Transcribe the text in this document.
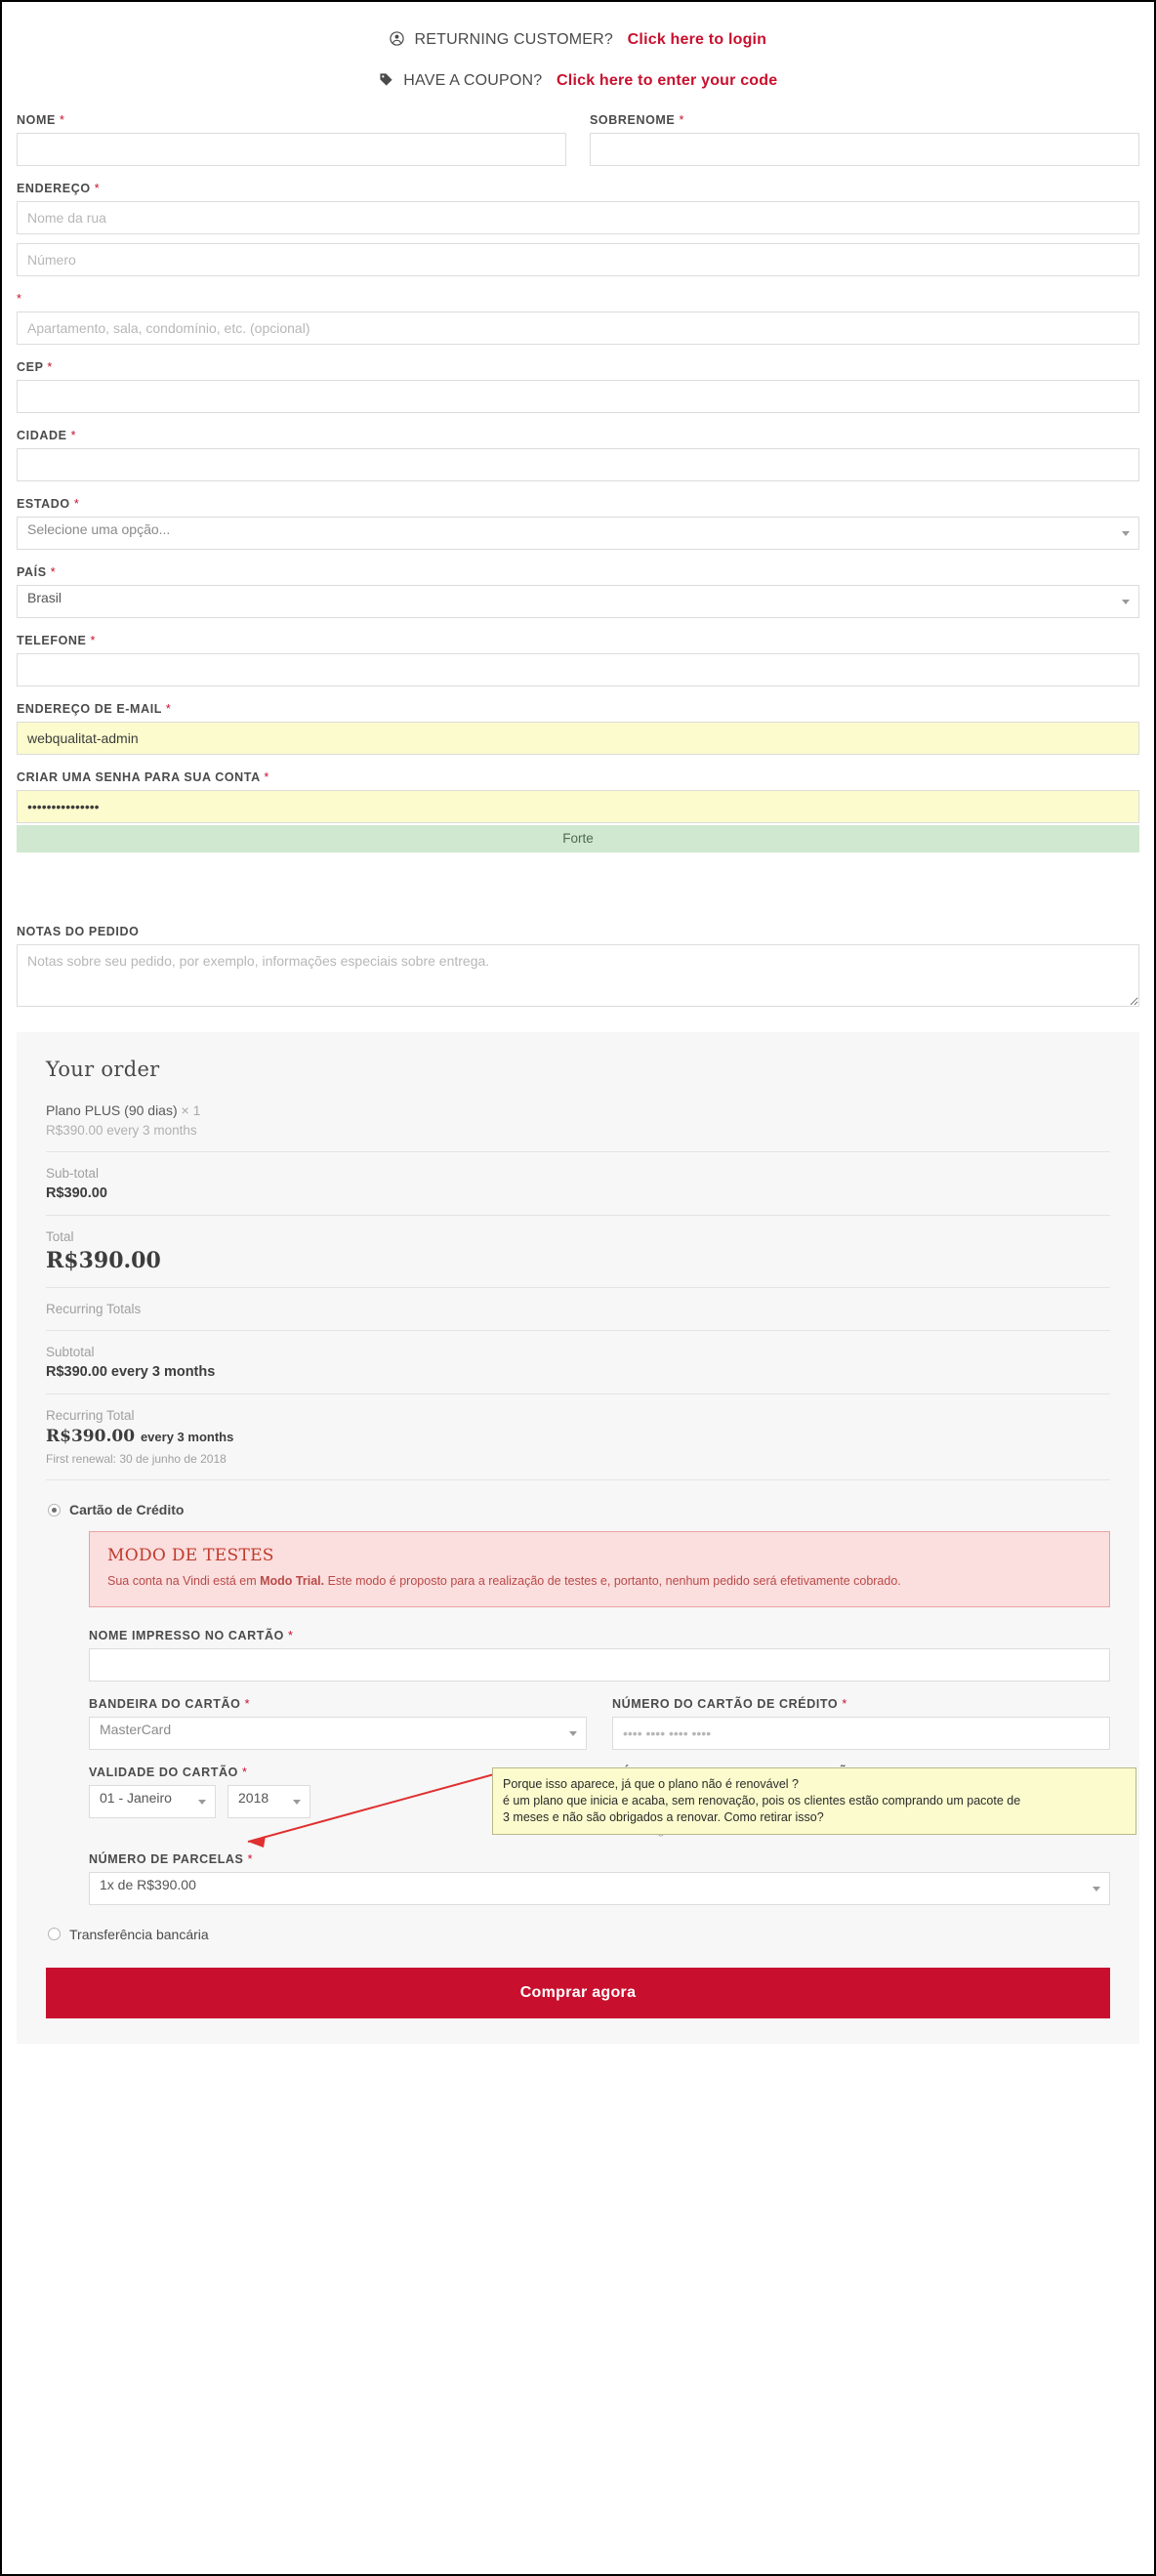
RETURNING CUSTOMER? Click here to login
HAVE A COUPON? Click here to enter your code
NOME *	SOBRENOME *
ENDEREÇO *
Nome da rua Número
*
Apartamento, sala, condomínio, etc. (opcional)
CEP *
CIDADE *
ESTADO *
Selecione uma opção...
PAÍS *
Brasil
TELEFONE *
ENDEREÇO DE E-MAIL *
webqualitat-admin
CRIAR UMA SENHA PARA SUA CONTA *
•••••••••••••••
Forte
NOTAS DO PEDIDO
Notas sobre seu pedido, por exemplo, informações especiais sobre entrega.
Your order
Plano PLUS (90 dias) × 1
R$390.00 every 3 months
Sub-total
R$390.00
Total
R$390.00
Recurring Totals
Subtotal
R$390.00 every 3 months
Recurring Total
R$390.00 every 3 months
First renewal: 30 de junho de 2018
Cartão de Crédito
MODO DE TESTES

Sua conta na Vindi está em Modo Trial. Este modo é proposto para a realização de testes e, portanto, nenhum pedido será efetivamente cobrado.

NOME IMPRESSO NO CARTÃO *
BANDEIRA DO CARTÃO *
MasterCard
NÚMERO DO CARTÃO DE CRÉDITO *
•••• •••• •••• ••••
VALIDADE DO CARTÃO *
01 - Janeiro	2018
CCV
NÚMERO DE PARCELAS *
1x de R$390.00
Transferência bancária
Comprar agora
Porque isso aparece, já que o plano não é renovável ?
é um plano que inicia e acaba, sem renovação, pois os clientes estão comprando um pacote de
3 meses e não são obrigados a renovar. Como retirar isso?
